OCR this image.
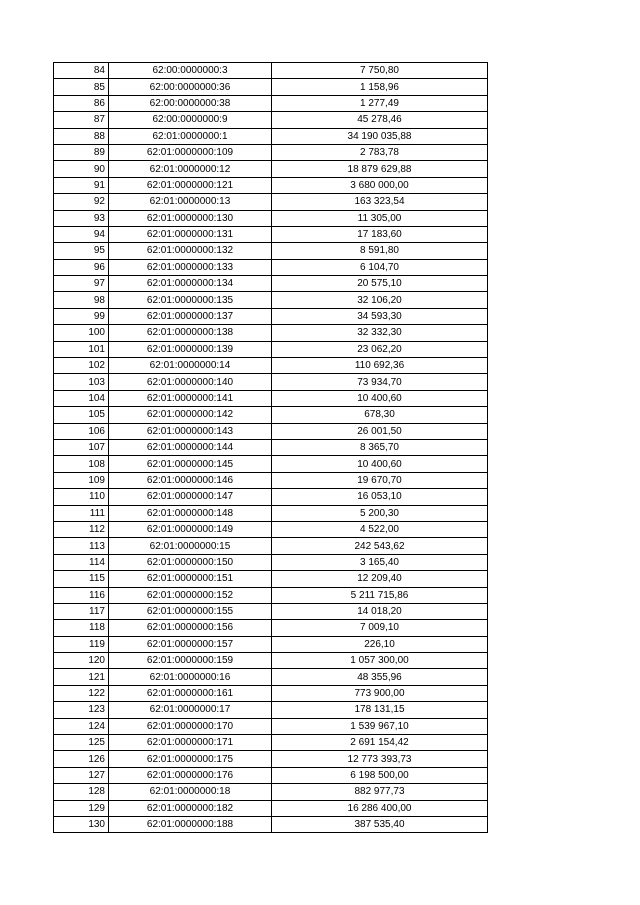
84	62:00:0000000:3	7 750,80
85	62:00:0000000:36	1 158,96
86	62:00:0000000:38	1 277,49
87	62:00:0000000:9	45 278,46
88	62:01:0000000:1	34 190 035,88
89	62:01:0000000:109	2 783,78
90	62:01:0000000:12	18 879 629,88
91	62:01:0000000:121	3 680 000,00
92	62:01:0000000:13	163 323,54
93	62:01:0000000:130	11 305,00
94	62:01:0000000:131	17 183,60
95	62:01:0000000:132	8 591,80
96	62:01:0000000:133	6 104,70
97	62:01:0000000:134	20 575,10
98	62:01:0000000:135	32 106,20
99	62:01:0000000:137	34 593,30
100	62:01:0000000:138	32 332,30
101	62:01:0000000:139	23 062,20
102	62:01:0000000:14	110 692,36
103	62:01:0000000:140	73 934,70
104	62:01:0000000:141	10 400,60
105	62:01:0000000:142	678,30
106	62:01:0000000:143	26 001,50
107	62:01:0000000:144	8 365,70
108	62:01:0000000:145	10 400,60
109	62:01:0000000:146	19 670,70
110	62:01:0000000:147	16 053,10
111	62:01:0000000:148	5 200,30
112	62:01:0000000:149	4 522,00
113	62:01:0000000:15	242 543,62
114	62:01:0000000:150	3 165,40
115	62:01:0000000:151	12 209,40
116	62:01:0000000:152	5 211 715,86
117	62:01:0000000:155	14 018,20
118	62:01:0000000:156	7 009,10
119	62:01:0000000:157	226,10
120	62:01:0000000:159	1 057 300,00
121	62:01:0000000:16	48 355,96
122	62:01:0000000:161	773 900,00
123	62:01:0000000:17	178 131,15
124	62:01:0000000:170	1 539 967,10
125	62:01:0000000:171	2 691 154,42
126	62:01:0000000:175	12 773 393,73
127	62:01:0000000:176	6 198 500,00
128	62:01:0000000:18	882 977,73
129	62:01:0000000:182	16 286 400,00
130	62:01:0000000:188	387 535,40
